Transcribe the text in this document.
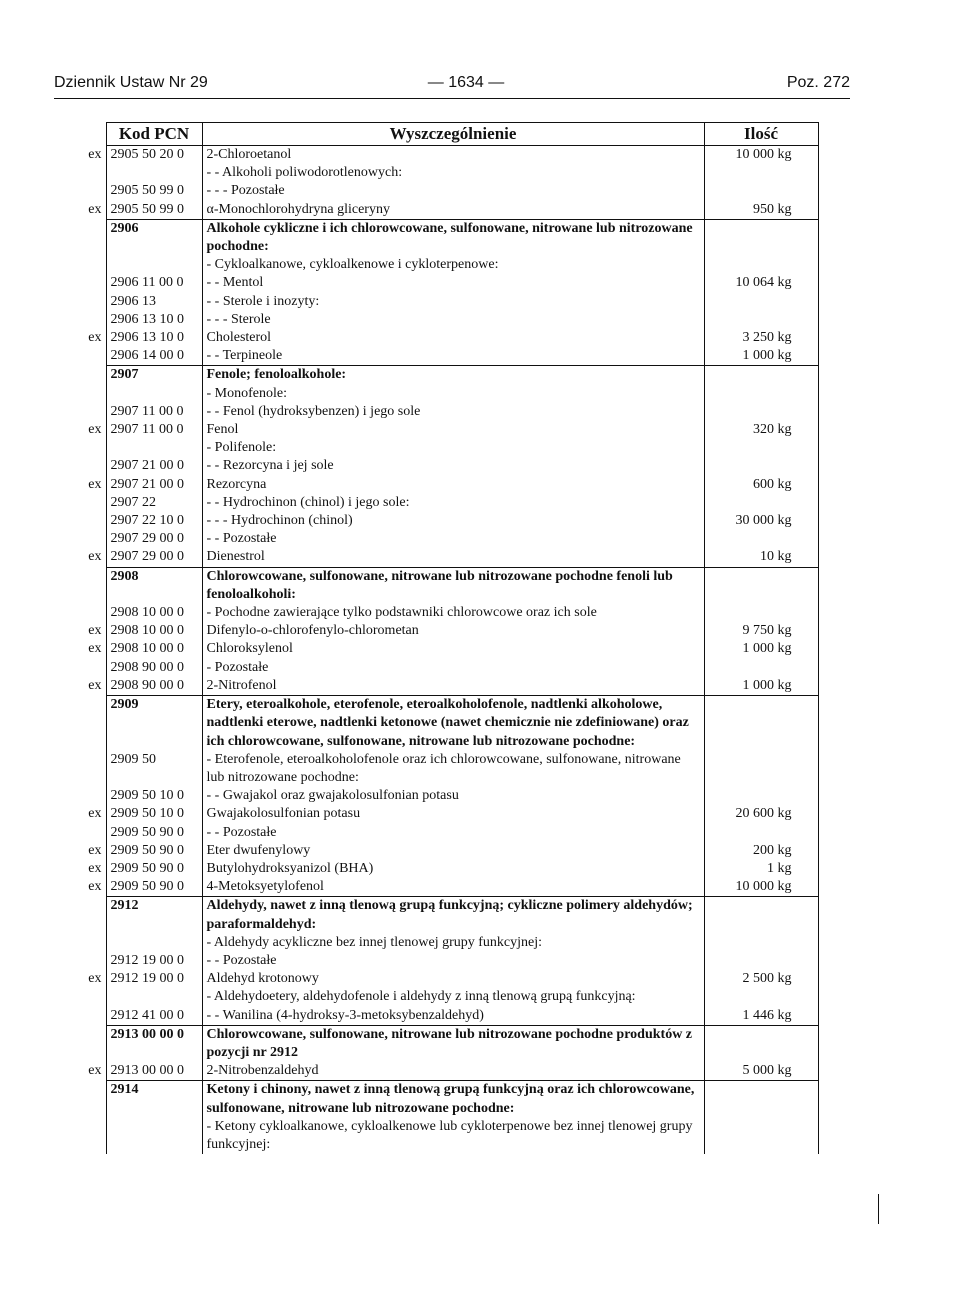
Dziennik Ustaw Nr 29	— 1634 —	Poz. 272
	Kod PCN	Wyszczególnienie	Ilość
ex	2905 50 20 0	2-Chloroetanol	10 000 kg
		- - Alkoholi poliwodorotlenowych:	
	2905 50 99 0	- - - Pozostałe	
ex	2905 50 99 0	α-Monochlorohydryna gliceryny	950 kg
	2906	Alkohole cykliczne i ich chlorowcowane, sulfonowane, nitrowane lub nitrozowane pochodne:	
		- Cykloalkanowe, cykloalkenowe i cykloterpenowe:	
	2906 11 00 0	- - Mentol	10 064 kg
	2906 13	- - Sterole i inozyty:	
	2906 13 10 0	- - - Sterole	
ex	2906 13 10 0	Cholesterol	3 250 kg
	2906 14 00 0	- - Terpineole	1 000 kg
	2907	Fenole; fenoloalkohole:	
		- Monofenole:	
	2907 11 00 0	- - Fenol (hydroksybenzen) i jego sole	
ex	2907 11 00 0	Fenol	320 kg
		- Polifenole:	
	2907 21 00 0	- - Rezorcyna i jej sole	
ex	2907 21 00 0	Rezorcyna	600 kg
	2907 22	- - Hydrochinon (chinol) i jego sole:	
	2907 22 10 0	- - - Hydrochinon (chinol)	30 000 kg
	2907 29 00 0	- - Pozostałe	
ex	2907 29 00 0	Dienestrol	10 kg
	2908	Chlorowcowane, sulfonowane, nitrowane lub nitrozowane pochodne fenoli lub fenoloalkoholi:	
	2908 10 00 0	- Pochodne zawierające tylko podstawniki chlorowcowe oraz ich sole	
ex	2908 10 00 0	Difenylo-o-chlorofenylo-chlorometan	9 750 kg
ex	2908 10 00 0	Chloroksylenol	1 000 kg
	2908 90 00 0	- Pozostałe	
ex	2908 90 00 0	2-Nitrofenol	1 000 kg
	2909	Etery, eteroalkohole, eterofenole, eteroalkoholofenole, nadtlenki alkoholowe, nadtlenki eterowe, nadtlenki ketonowe (nawet chemicznie nie zdefiniowane) oraz ich chlorowcowane, sulfonowane, nitrowane lub nitrozowane pochodne:	
	2909 50	- Eterofenole, eteroalkoholofenole oraz ich chlorowcowane, sulfonowane, nitrowane lub nitrozowane pochodne:	
	2909 50 10 0	- - Gwajakol oraz gwajakolosulfonian potasu	
ex	2909 50 10 0	Gwajakolosulfonian potasu	20 600 kg
	2909 50 90 0	- - Pozostałe	
ex	2909 50 90 0	Eter dwufenylowy	200 kg
ex	2909 50 90 0	Butylohydroksyanizol (BHA)	1 kg
ex	2909 50 90 0	4-Metoksyetylofenol	10 000 kg
	2912	Aldehydy, nawet z inną tlenową grupą funkcyjną; cykliczne polimery aldehydów; paraformaldehyd:	
		- Aldehydy acykliczne bez innej tlenowej grupy funkcyjnej:	
	2912 19 00 0	- - Pozostałe	
ex	2912 19 00 0	Aldehyd krotonowy	2 500 kg
		- Aldehydoetery, aldehydofenole i aldehydy z inną tlenową grupą funkcyjną:	
	2912 41 00 0	- - Wanilina (4-hydroksy-3-metoksybenzaldehyd)	1 446 kg
	2913 00 00 0	Chlorowcowane, sulfonowane, nitrowane lub nitrozowane pochodne produktów z pozycji nr 2912	
ex	2913 00 00 0	2-Nitrobenzaldehyd	5 000 kg
	2914	Ketony i chinony, nawet z inną tlenową grupą funkcyjną oraz ich chlorowcowane, sulfonowane, nitrowane lub nitrozowane pochodne:	
		- Ketony cykloalkanowe, cykloalkenowe lub cykloterpenowe bez innej tlenowej grupy funkcyjnej:	
